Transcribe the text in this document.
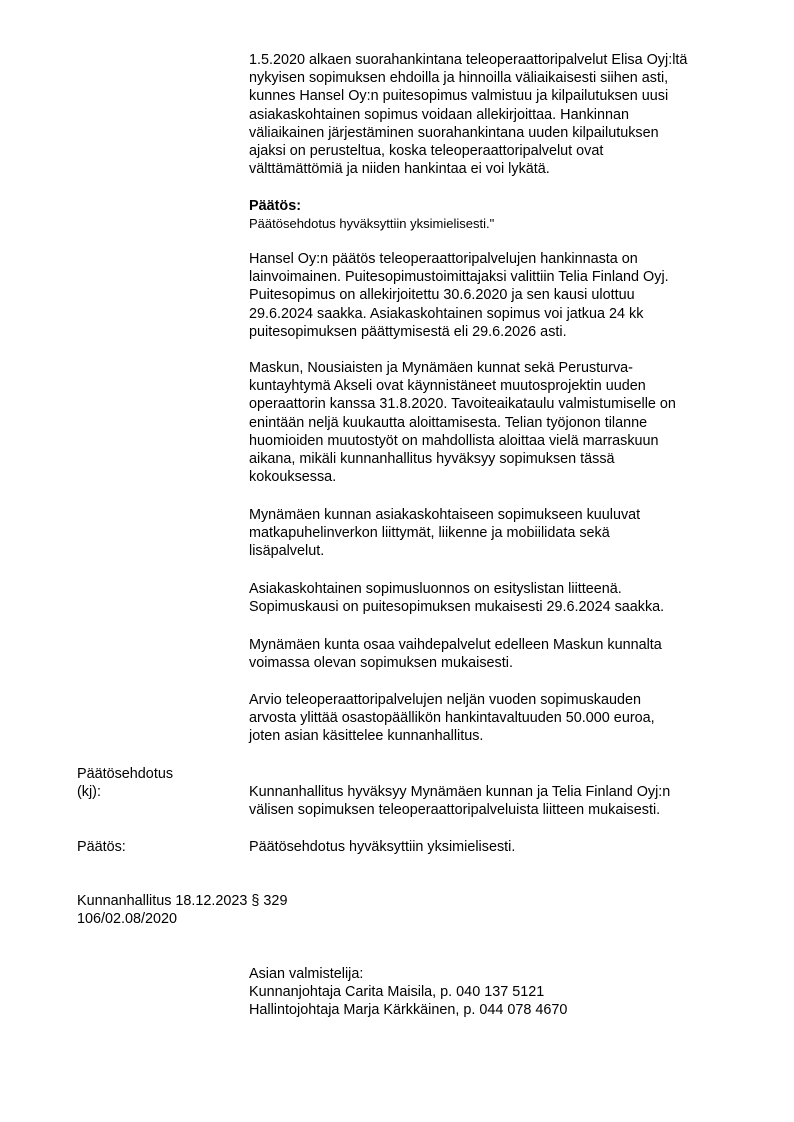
1.5.2020 alkaen suorahankintana teleoperaattoripalvelut Elisa Oyj:ltä
nykyisen sopimuksen ehdoilla ja hinnoilla väliaikaisesti siihen asti,
kunnes Hansel Oy:n puitesopimus valmistuu ja kilpailutuksen uusi
asiakaskohtainen sopimus voidaan allekirjoittaa. Hankinnan
väliaikainen järjestäminen suorahankintana uuden kilpailutuksen
ajaksi on perusteltua, koska teleoperaattoripalvelut ovat
välttämättömiä ja niiden hankintaa ei voi lykätä.
Päätös:
Päätösehdotus hyväksyttiin yksimielisesti."
Hansel Oy:n päätös teleoperaattoripalvelujen hankinnasta on
lainvoimainen. Puitesopimustoimittajaksi valittiin Telia Finland Oyj.
Puitesopimus on allekirjoitettu 30.6.2020 ja sen kausi ulottuu
29.6.2024 saakka. Asiakaskohtainen sopimus voi jatkua 24 kk
puitesopimuksen päättymisestä eli 29.6.2026 asti.
Maskun, Nousiaisten ja Mynämäen kunnat sekä Perusturva-
kuntayhtymä Akseli ovat käynnistäneet muutosprojektin uuden
operaattorin kanssa 31.8.2020. Tavoiteaikataulu valmistumiselle on
enintään neljä kuukautta aloittamisesta. Telian työjonon tilanne
huomioiden muutostyöt on mahdollista aloittaa vielä marraskuun
aikana, mikäli kunnanhallitus hyväksyy sopimuksen tässä
kokouksessa.
Mynämäen kunnan asiakaskohtaiseen sopimukseen kuuluvat
matkapuhelinverkon liittymät, liikenne ja mobiilidata sekä
lisäpalvelut.
Asiakaskohtainen sopimusluonnos on esityslistan liitteenä.
Sopimuskausi on puitesopimuksen mukaisesti 29.6.2024 saakka.
Mynämäen kunta osaa vaihdepalvelut edelleen Maskun kunnalta
voimassa olevan sopimuksen mukaisesti.
Arvio teleoperaattoripalvelujen neljän vuoden sopimuskauden
arvosta ylittää osastopäällikön hankintavaltuuden 50.000 euroa,
joten asian käsittelee kunnanhallitus.
Päätösehdotus
(kj):	Kunnanhallitus hyväksyy Mynämäen kunnan ja Telia Finland Oyj:n
välisen sopimuksen teleoperaattoripalveluista liitteen mukaisesti.
Päätös:	Päätösehdotus hyväksyttiin yksimielisesti.
Kunnanhallitus 18.12.2023 § 329
106/02.08/2020
Asian valmistelija:
Kunnanjohtaja Carita Maisila, p. 040 137 5121
Hallintojohtaja Marja Kärkkäinen, p. 044 078 4670
